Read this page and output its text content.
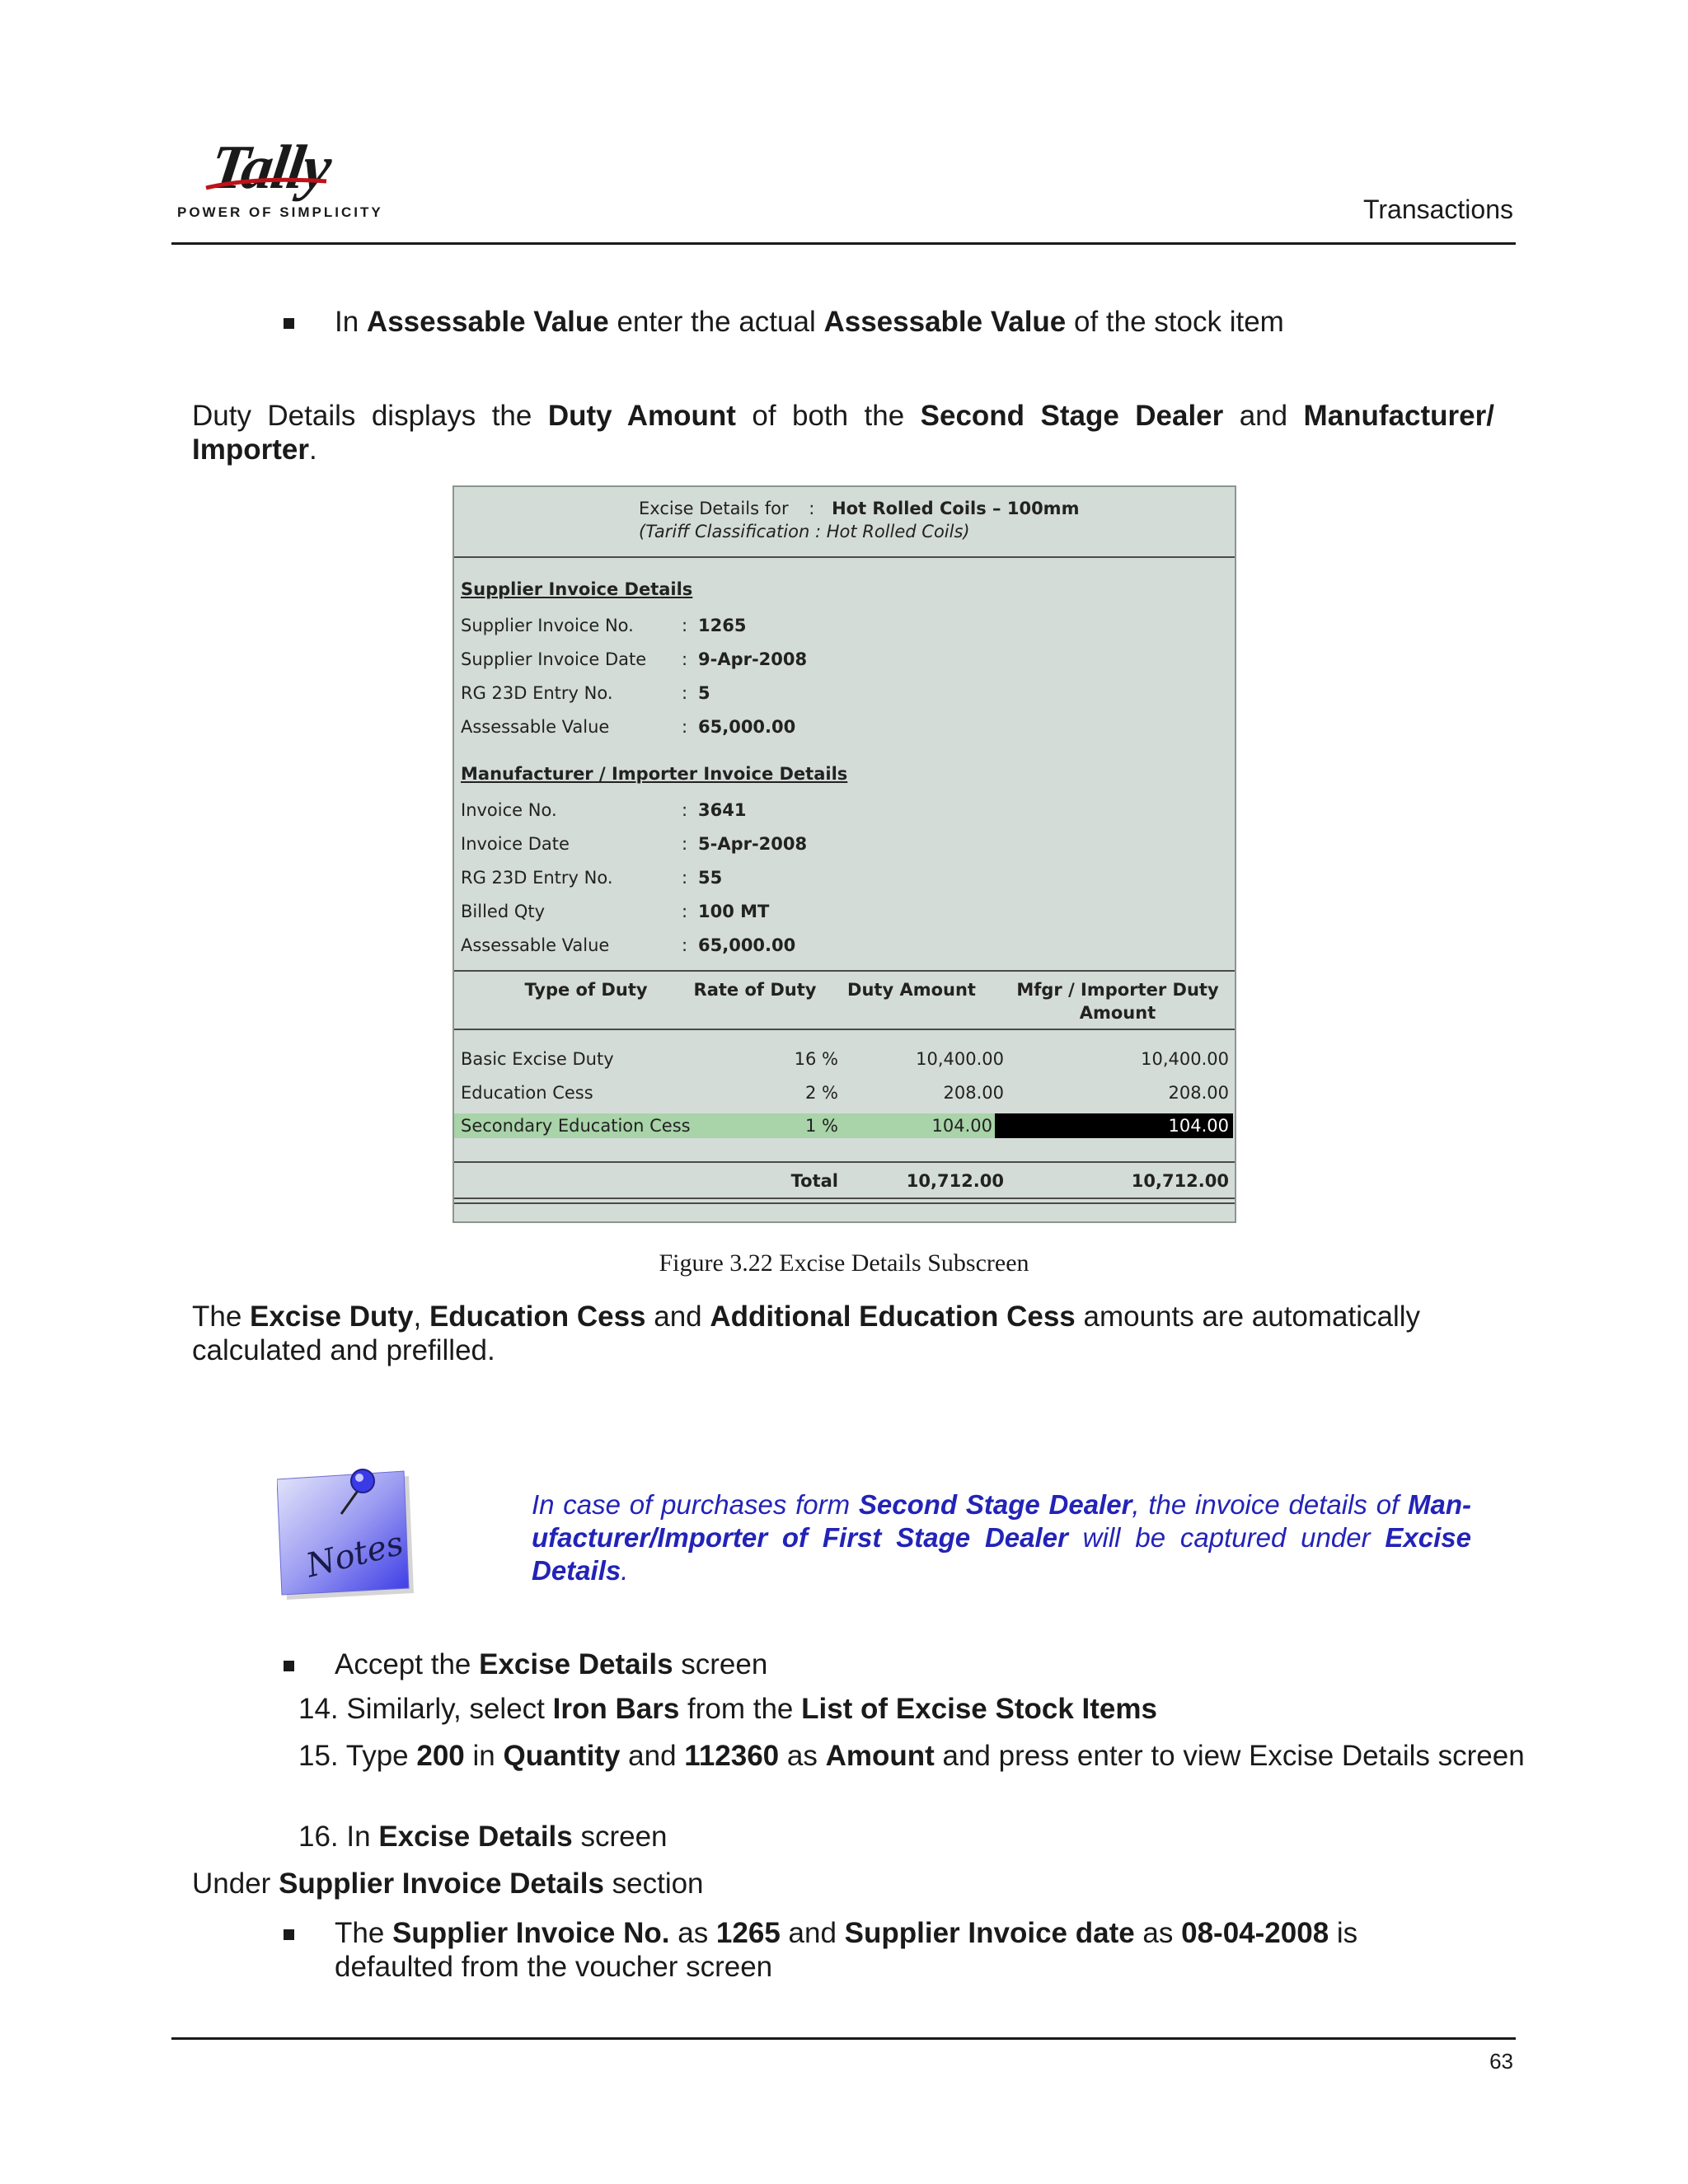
Tally
POWER OF SIMPLICITY	Transactions
In Assessable Value enter the actual Assessable Value of the stock item
Duty Details displays the Duty Amount of both the Second Stage Dealer and Manufacturer/ Importer.
Excise Details for : Hot Rolled Coils – 100mm
(Tariff Classification : Hot Rolled Coils)
Supplier Invoice Details
Supplier Invoice No.	: 1265
Supplier Invoice Date : 9-Apr-2008
RG 23D Entry No.	: 5
Assessable Value	: 65,000.00
Manufacturer / Importer Invoice Details
Invoice No.	: 3641
Invoice Date	: 5-Apr-2008
RG 23D Entry No.	: 55
Billed Qty	: 100 MT
Assessable Value	: 65,000.00
Type of Duty	Rate of Duty	Duty Amount	Mfgr / Importer Duty
Amount
Basic Excise Duty	16 %	10,400.00	10,400.00
Education Cess	2 %	208.00	208.00
Secondary Education Cess	1 %	104.00	104.00
Total	10,712.00	10,712.00
Figure 3.22 Excise Details Subscreen
The Excise Duty, Education Cess and Additional Education Cess amounts are automatically calculated and prefilled.
Notes
In case of purchases form Second Stage Dealer, the invoice details of Man-ufacturer/Importer of First Stage Dealer will be captured under Excise Details.
Accept the Excise Details screen
14. Similarly, select Iron Bars from the List of Excise Stock Items
15. Type 200 in Quantity and 112360 as Amount and press enter to view Excise Details screen
16. In Excise Details screen
Under Supplier Invoice Details section
The Supplier Invoice No. as 1265 and Supplier Invoice date as 08-04-2008 is defaulted from the voucher screen
63
